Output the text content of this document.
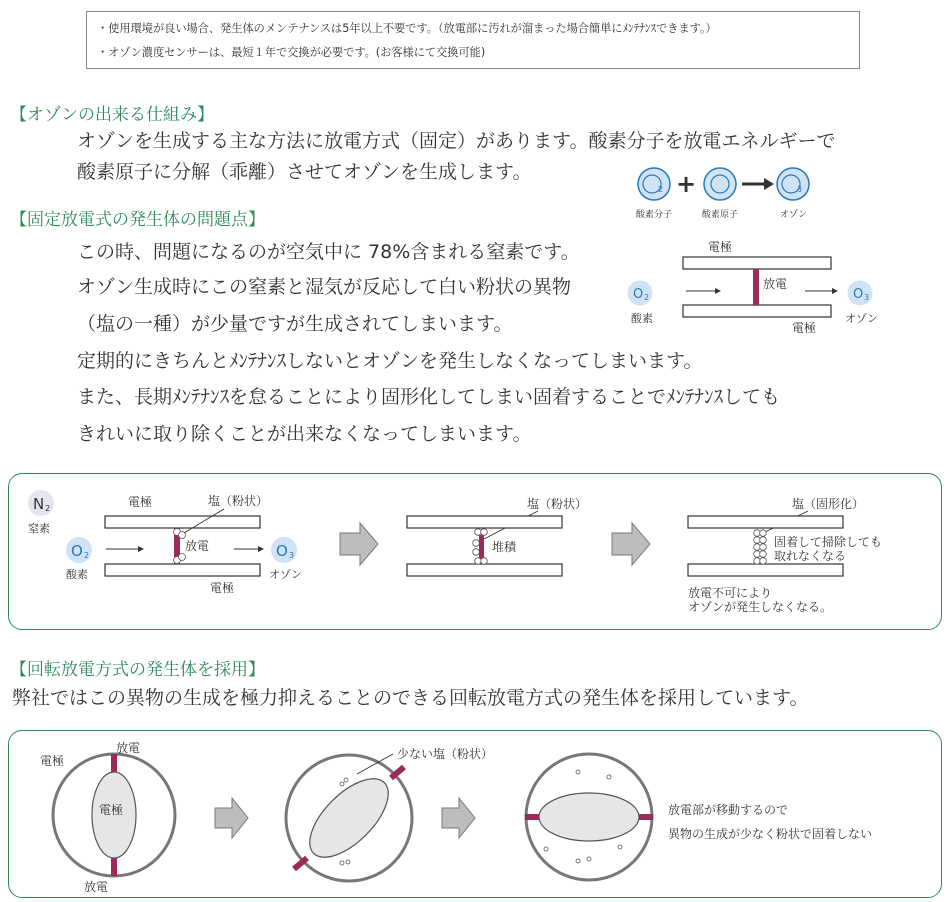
・使用環境が良い場合、発生体のメンテナンスは5年以上不要です。（放電部に汚れが溜まった場合簡単にﾒﾝﾃﾅﾝｽできます。）
・オゾン濃度センサーは、最短１年で交換が必要です。(お客様にて交換可能)
【オゾンの出来る仕組み】
オゾンを生成する主な方法に放電方式（固定）があります。酸素分子を放電エネルギーで
酸素原子に分解（乖離）させてオゾンを生成します。
2 +	3
酸素分子	酸素原子	オゾン
【固定放電式の発生体の問題点】
この時、問題になるのが空気中に 78%含まれる窒素です。
オゾン生成時にこの窒素と湿気が反応して白い粉状の異物
（塩の一種）が少量ですが生成されてしまいます。
定期的にきちんとﾒﾝﾃﾅﾝｽしないとオゾンを発生しなくなってしまいます。
また、長期ﾒﾝﾃﾅﾝｽを怠ることにより固形化してしまい固着することでﾒﾝﾃﾅﾝｽしても
きれいに取り除くことが出来なくなってしまいます。
電極
放電
O 2
酸素
O 3
オゾン
電極
N 2
窒素
O 2
酸素
電極
放電
塩（粉状）
電極
O 3
オゾン
塩（粉状）
堆積
塩（固形化）
固着して掃除しても
取れなくなる
放電不可により
オゾンが発生しなくなる。
【回転放電方式の発生体を採用】
弊社ではこの異物の生成を極力抑えることのできる回転放電方式の発生体を採用しています。
電極
放電
電極
放電
少ない塩（粉状）
放電部が移動するので
異物の生成が少なく粉状で固着しない
